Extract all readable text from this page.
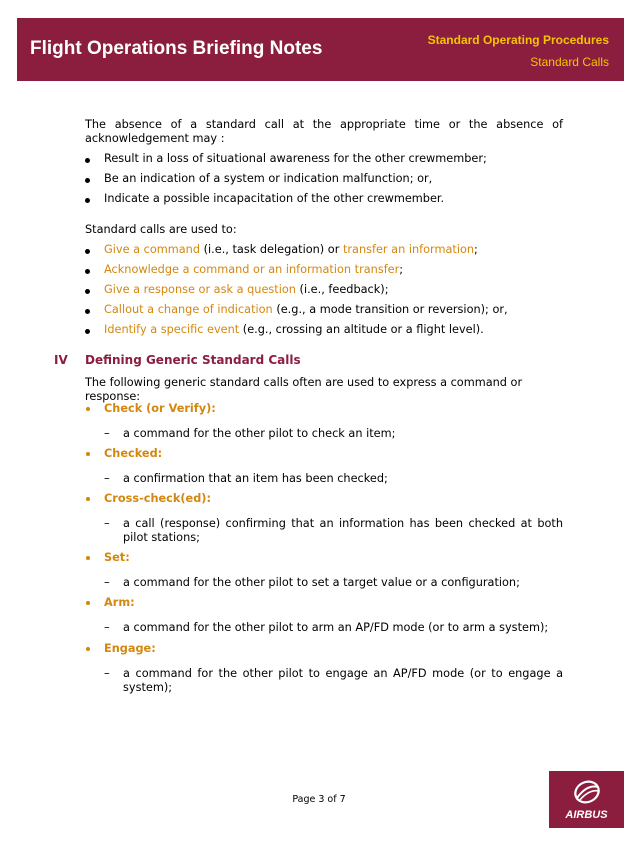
Flight Operations Briefing Notes	Standard Operating Procedures
Standard Calls

The absence of a standard call at the appropriate time or the absence of acknowledgement may :

Result in a loss of situational awareness for the other crewmember;
Be an indication of a system or indication malfunction; or,
Indicate a possible incapacitation of the other crewmember.

Standard calls are used to:

Give a command (i.e., task delegation) or transfer an information;
Acknowledge a command or an information transfer;
Give a response or ask a question (i.e., feedback);
Callout a change of indication (e.g., a mode transition or reversion); or,
Identify a specific event (e.g., crossing an altitude or a flight level).
IV Defining Generic Standard Calls

The following generic standard calls often are used to express a command or response:

Check (or Verify):
– a command for the other pilot to check an item;
Checked:
– a confirmation that an item has been checked;
Cross-check(ed):
– a call (response) confirming that an information has been checked at both pilot stations;
Set:
– a command for the other pilot to set a target value or a configuration;
Arm:
– a command for the other pilot to arm an AP/FD mode (or to arm a system);
Engage:
– a command for the other pilot to engage an AP/FD mode (or to engage a system);
Page 3 of 7
AIRBUS
